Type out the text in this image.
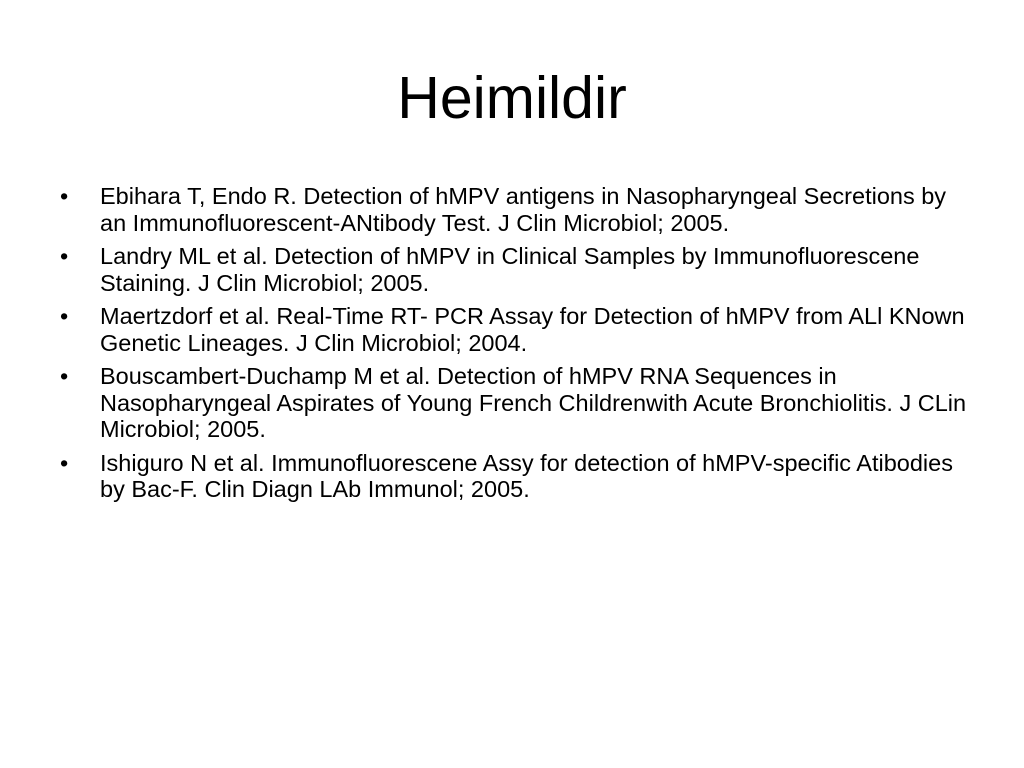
Heimildir
• Ebihara T, Endo R. Detection of hMPV antigens in Nasopharyngeal Secretions by an Immunofluorescent-ANtibody Test. J Clin Microbiol; 2005.
• Landry ML et al. Detection of hMPV in Clinical Samples by Immunofluorescene Staining. J Clin Microbiol; 2005.
• Maertzdorf et al. Real-Time RT- PCR Assay for Detection of hMPV from ALl KNown Genetic Lineages. J Clin Microbiol; 2004.
• Bouscambert-Duchamp M et al. Detection of hMPV RNA Sequences in Nasopharyngeal Aspirates of Young French Childrenwith Acute Bronchiolitis. J CLin Microbiol; 2005.
• Ishiguro N et al. Immunofluorescene Assy for detection of hMPV-specific Atibodies by Bac-F. Clin Diagn LAb Immunol; 2005.
